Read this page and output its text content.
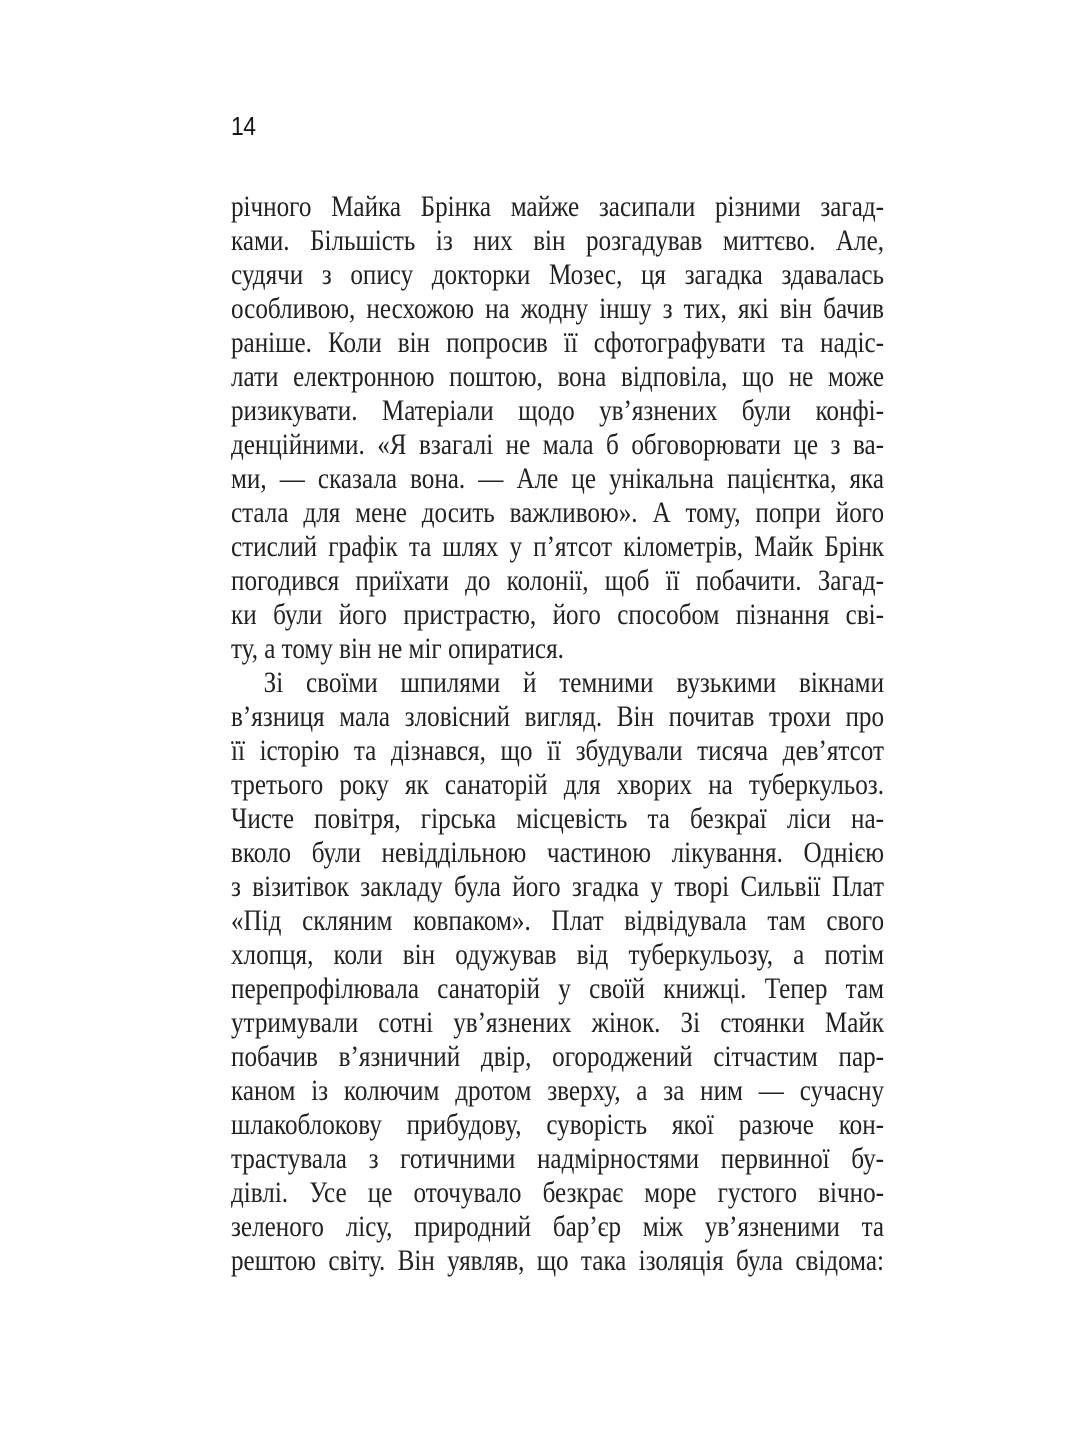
14
річного Майка Брінка майже засипали різними загад-
ками. Більшість із них він розгадував миттєво. Але,
судячи з опису докторки Мозес, ця загадка здавалась
особливою, несхожою на жодну іншу з тих, які він бачив
раніше. Коли він попросив її сфотографувати та надіс-
лати електронною поштою, вона відповіла, що не може
ризикувати. Матеріали щодо ув’язнених були конфі-
денційними. «Я взагалі не мала б обговорювати це з ва-
ми, — сказала вона. — Але це унікальна пацієнтка, яка
стала для мене досить важливою». А тому, попри його
стислий графік та шлях у п’ятсот кілометрів, Майк Брінк
погодився приїхати до колонії, щоб її побачити. Загад-
ки були його пристрастю, його способом пізнання сві-
ту, а тому він не міг опиратися.
Зі своїми шпилями й темними вузькими вікнами
в’язниця мала зловісний вигляд. Він почитав трохи про
її історію та дізнався, що її збудували тисяча дев’ятсот
третього року як санаторій для хворих на туберкульоз.
Чисте повітря, гірська місцевість та безкраї ліси на-
вколо були невіддільною частиною лікування. Однією
з візитівок закладу була його згадка у творі Сильвії Плат
«Під скляним ковпаком». Плат відвідувала там свого
хлопця, коли він одужував від туберкульозу, а потім
перепрофілювала санаторій у своїй книжці. Тепер там
утримували сотні ув’язнених жінок. Зі стоянки Майк
побачив в’язничний двір, огороджений сітчастим пар-
каном із колючим дротом зверху, а за ним — сучасну
шлакоблокову прибудову, суворість якої разюче кон-
трастувала з готичними надмірностями первинної бу-
дівлі. Усе це оточувало безкрає море густого вічно-
зеленого лісу, природний бар’єр між ув’язненими та
рештою світу. Він уявляв, що така ізоляція була свідома:
